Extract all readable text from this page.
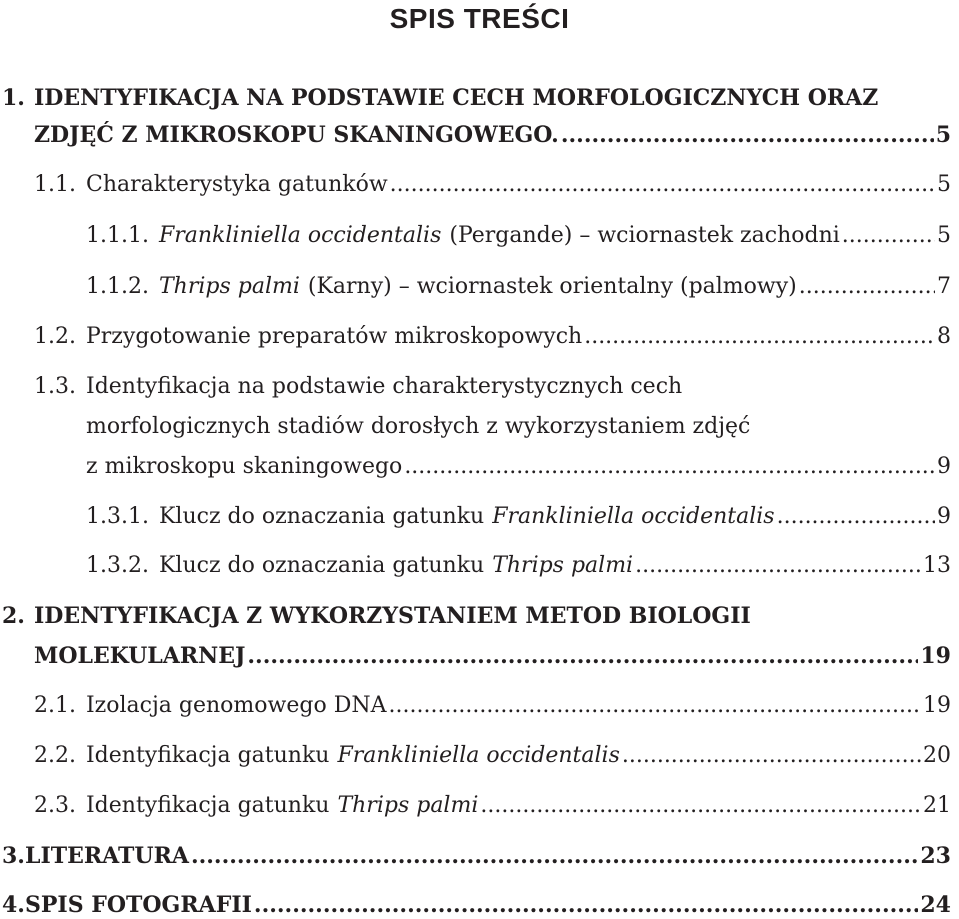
SPIS TREŚCI
1. IDENTYFIKACJA NA PODSTAWIE CECH MORFOLOGICZNYCH ORAZ
ZDJĘĆ Z MIKROSKOPU SKANINGOWEGO. .....	5
1.1. Charakterystyka gatunków .....	5
1.1.1. Frankliniella occidentalis (Pergande) – wciornastek zachodni .....	5
1.1.2. Thrips palmi (Karny) – wciornastek orientalny (palmowy) .....	7
1.2. Przygotowanie preparatów mikroskopowych .....	8
1.3. Identyfikacja na podstawie charakterystycznych cech
morfologicznych stadiów dorosłych z wykorzystaniem zdjęć
z mikroskopu skaningowego .....	9
1.3.1. Klucz do oznaczania gatunku Frankliniella occidentalis .....	9
1.3.2. Klucz do oznaczania gatunku Thrips palmi .....	13
2. IDENTYFIKACJA Z WYKORZYSTANIEM METOD BIOLOGII
MOLEKULARNEJ .....	19
2.1. Izolacja genomowego DNA .....	19
2.2. Identyfikacja gatunku Frankliniella occidentalis .....	20
2.3. Identyfikacja gatunku Thrips palmi .....	21
3. LITERATURA .....	23
4. SPIS FOTOGRAFII .....	24
